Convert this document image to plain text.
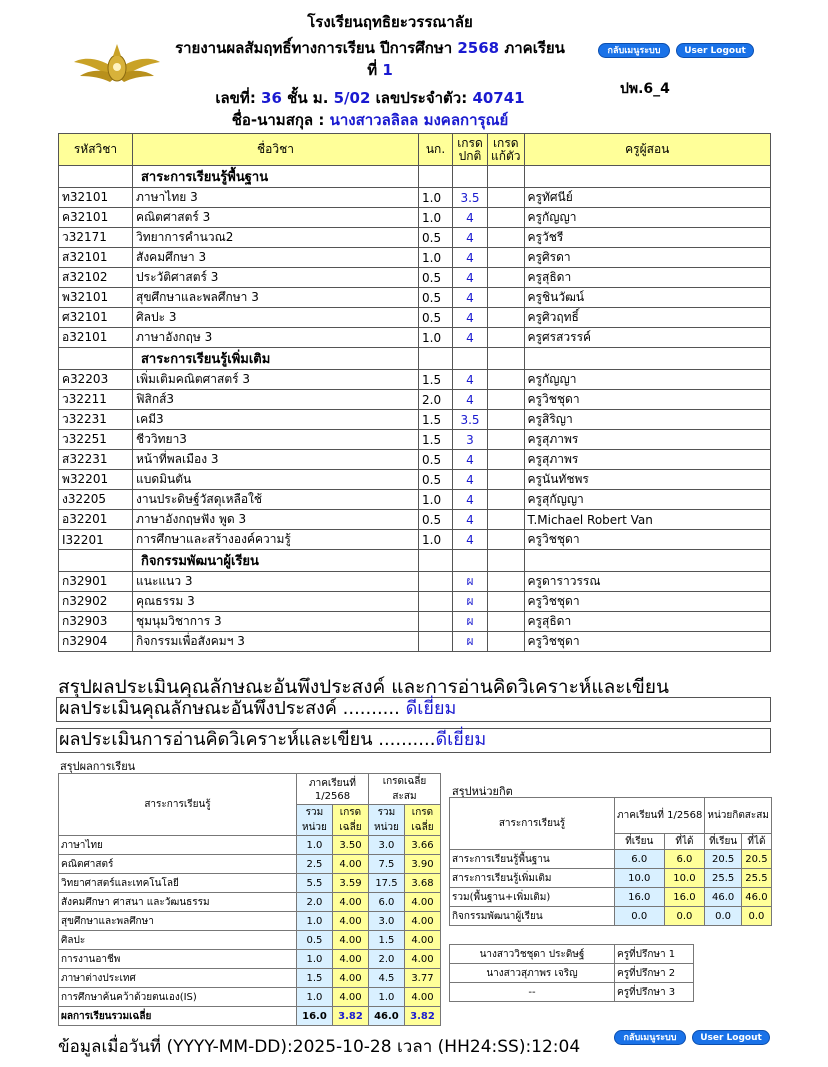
โรงเรียนฤทธิยะวรรณาลัย
รายงานผลสัมฤทธิ์ทางการเรียน ปีการศึกษา 2568 ภาคเรียน
ที่ 1
เลขที่: 36 ชั้น ม. 5/02 เลขประจำตัว: 40741
ชื่อ-นามสกุล : นางสาวลลิลล มงคลการุณย์
ปพ.6_4
กลับเมนูระบบ	User Logout
รหัสวิชา	ชื่อวิชา	นก.	เกรด ปกติ	เกรด แก้ตัว	ครูผู้สอน
	สาระการเรียนรู้พื้นฐาน				
ท32101	ภาษาไทย 3	1.0	3.5		ครูทัศนีย์
ค32101	คณิตศาสตร์ 3	1.0	4		ครูกัญญา
ว32171	วิทยาการคำนวณ2	0.5	4		ครูวัชรี
ส32101	สังคมศึกษา 3	1.0	4		ครูศิรดา
ส32102	ประวัติศาสตร์ 3	0.5	4		ครูสุธิดา
พ32101	สุขศึกษาและพลศึกษา 3	0.5	4		ครูชินวัฒน์
ศ32101	ศิลปะ 3	0.5	4		ครูศิวฤทธิ์
อ32101	ภาษาอังกฤษ 3	1.0	4		ครูศรสวรรค์
	สาระการเรียนรู้เพิ่มเติม				
ค32203	เพิ่มเติมคณิตศาสตร์ 3	1.5	4		ครูกัญญา
ว32211	ฟิสิกส์3	2.0	4		ครูวิชชุดา
ว32231	เคมี3	1.5	3.5		ครูสิริญา
ว32251	ชีววิทยา3	1.5	3		ครูสุภาพร
ส32231	หน้าที่พลเมือง 3	0.5	4		ครูสุภาพร
พ32201	แบดมินตัน	0.5	4		ครูนันทัชพร
ง32205	งานประดิษฐ์วัสดุเหลือใช้	1.0	4		ครูสุกัญญา
อ32201	ภาษาอังกฤษฟัง พูด 3	0.5	4		T.Michael Robert Van
I32201	การศึกษาและสร้างองค์ความรู้	1.0	4		ครูวิชชุดา
	กิจกรรมพัฒนาผู้เรียน				
ก32901	แนะแนว 3		ผ		ครูดาราวรรณ
ก32902	คุณธรรม 3		ผ		ครูวิชชุดา
ก32903	ชุมนุมวิชาการ 3		ผ		ครูสุธิดา
ก32904	กิจกรรมเพื่อสังคมฯ 3		ผ		ครูวิชชุดา
สรุปผลประเมินคุณลักษณะอันพึงประสงค์ และการอ่านคิดวิเคราะห์และเขียน
ผลประเมินคุณลักษณะอันพึงประสงค์ .......... ดีเยี่ยม
ผลประเมินการอ่านคิดวิเคราะห์และเขียน ..........ดีเยี่ยม
สรุปผลการเรียน
สาระการเรียนรู้	ภาคเรียนที่ 1/2568		เกรดเฉลี่ย สะสม	
	รวม หน่วย	เกรด เฉลี่ย	รวม หน่วย	เกรด เฉลี่ย
ภาษาไทย	1.0	3.50	3.0	3.66
คณิตศาสตร์	2.5	4.00	7.5	3.90
วิทยาศาสตร์และเทคโนโลยี	5.5	3.59	17.5	3.68
สังคมศึกษา ศาสนา และวัฒนธรรม	2.0	4.00	6.0	4.00
สุขศึกษาและพลศึกษา	1.0	4.00	3.0	4.00
ศิลปะ	0.5	4.00	1.5	4.00
การงานอาชีพ	1.0	4.00	2.0	4.00
ภาษาต่างประเทศ	1.5	4.00	4.5	3.77
การศึกษาค้นคว้าด้วยตนเอง(IS)	1.0	4.00	1.0	4.00
ผลการเรียนรวมเฉลี่ย	16.0	3.82	46.0	3.82
สรุปหน่วยกิต
สาระการเรียนรู้	ภาคเรียนที่ 1/2568		หน่วยกิตสะสม	
	ที่เรียน	ที่ได้	ที่เรียน	ที่ได้
สาระการเรียนรู้พื้นฐาน	6.0	6.0	20.5	20.5
สาระการเรียนรู้เพิ่มเติม	10.0	10.0	25.5	25.5
รวม(พื้นฐาน+เพิ่มเติม)	16.0	16.0	46.0	46.0
กิจกรรมพัฒนาผู้เรียน	0.0	0.0	0.0	0.0
นางสาววิชชุดา ประดิษฐ์	ครูที่ปรึกษา 1
นางสาวสุภาพร เจริญ	ครูที่ปรึกษา 2
--	ครูที่ปรึกษา 3
ข้อมูลเมื่อวันที่ (YYYY-MM-DD):2025-10-28 เวลา (HH24:SS):12:04	กลับเมนูระบบ	User Logout
